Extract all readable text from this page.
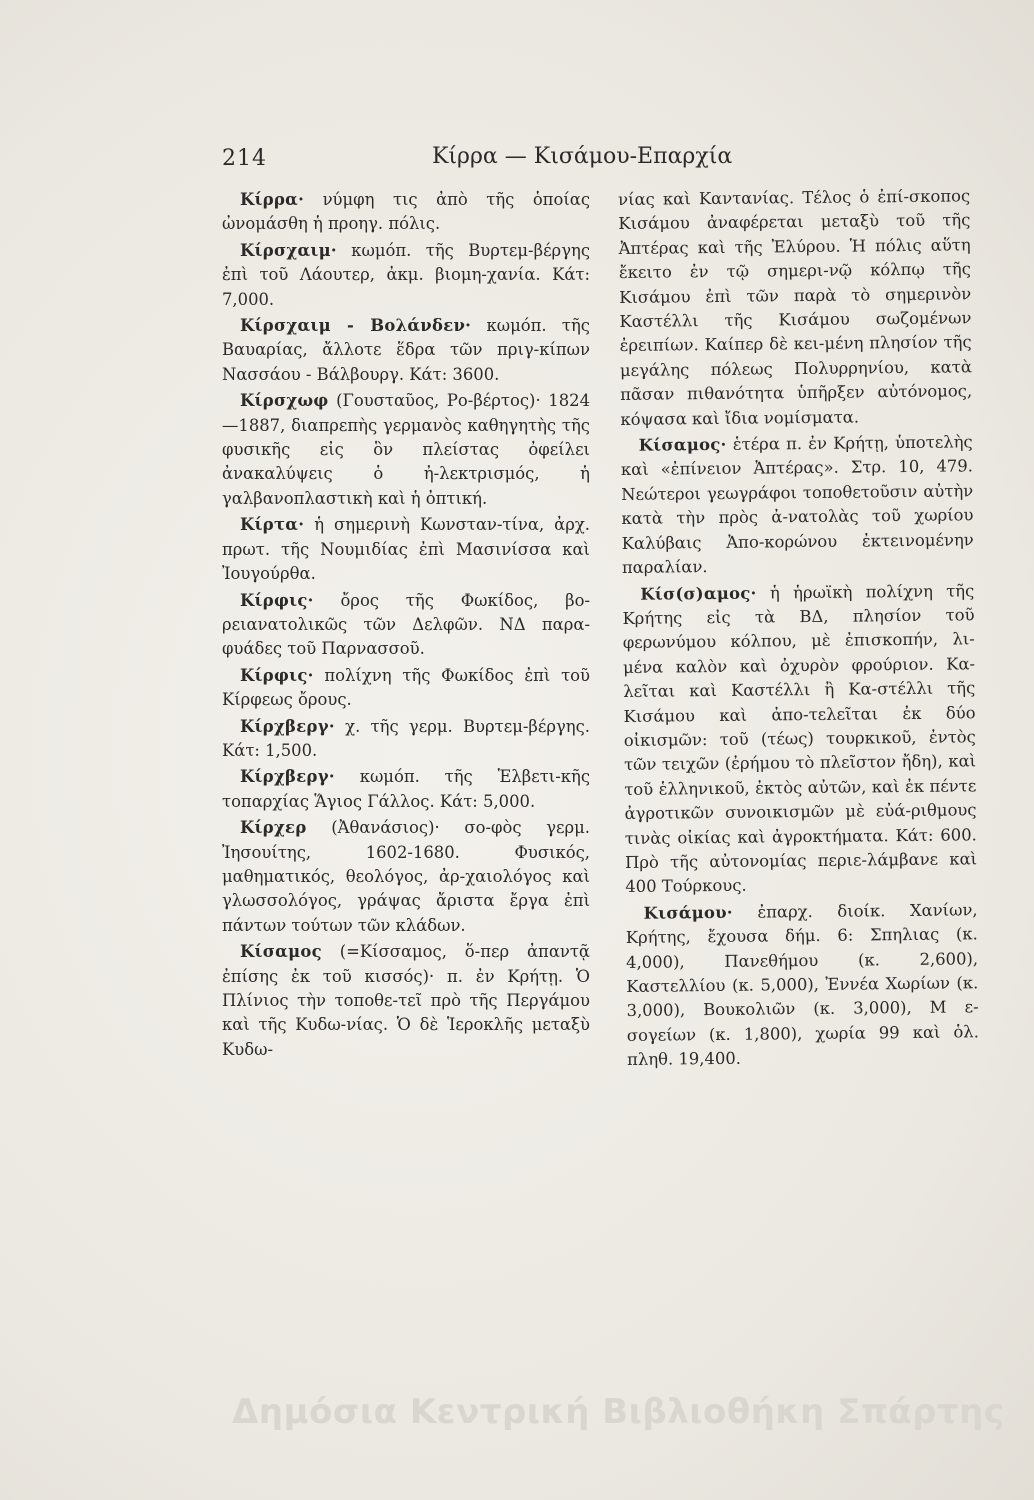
214	Κίρρα — Κισάμου-Επαρχία

Κίρρα· νύμφη τις ἀπὸ τῆς ὁποίας ὠνομάσθη ἡ προηγ. πόλις.

Κίρσχαιμ· κωμόπ. τῆς Βυρτεμ-βέργης ἐπὶ τοῦ Λάουτερ, ἀκμ. βιομη-χανία. Κάτ: 7,000.

Κίρσχαιμ - Βολάνδεν· κωμόπ. τῆς Βαυαρίας, ἄλλοτε ἕδρα τῶν πριγ-κίπων Νασσάου - Βάλβουργ. Κάτ: 3600.

Κίρσχωφ (Γουσταῦος, Ρο-βέρτος)· 1824—1887, διαπρεπὴς γερμανὸς καθηγητὴς τῆς φυσικῆς εἰς ὃν πλείστας ὀφείλει ἀνακαλύψεις ὁ ἠ-λεκτρισμός, ἡ γαλβανοπλαστικὴ καὶ ἡ ὀπτική.

Κίρτα· ἡ σημερινὴ Κωνσταν-τίνα, ἀρχ. πρωτ. τῆς Νουμιδίας ἐπὶ Μασινίσσα καὶ Ἰουγούρθα.

Κίρφις· ὄρος τῆς Φωκίδος, βο-ρειανατολικῶς τῶν Δελφῶν. ΝΔ παρα-φυάδες τοῦ Παρνασσοῦ.

Κίρφις· πολίχνη τῆς Φωκίδος ἐπὶ τοῦ Κίρφεως ὄρους.

Κίρχβεργ· χ. τῆς γερμ. Βυρτεμ-βέργης. Κάτ: 1,500.

Κίρχβεργ· κωμόπ. τῆς Ἑλβετι-κῆς τοπαρχίας Ἅγιος Γάλλος. Κάτ: 5,000.

Κίρχερ (Ἀθανάσιος)· σο-φὸς γερμ. Ἰησουίτης, 1602-1680. Φυσικός, μαθηματικός, θεολόγος, ἀρ-χαιολόγος καὶ γλωσσολόγος, γράψας ἄριστα ἔργα ἐπὶ πάντων τούτων τῶν κλάδων.

Κίσαμος (=Κίσσαμος, ὅ-περ ἀπαντᾷ ἐπίσης ἐκ τοῦ κισσός)· π. ἐν Κρήτῃ. Ὁ Πλίνιος τὴν τοποθε-τεῖ πρὸ τῆς Περγάμου καὶ τῆς Κυδω-νίας. Ὁ δὲ Ἱεροκλῆς μεταξὺ Κυδω-

νίας καὶ Καντανίας. Τέλος ὁ ἐπί-σκοπος Κισάμου ἀναφέρεται μεταξὺ τοῦ τῆς Ἀπτέρας καὶ τῆς Ἐλύρου. Ἡ πόλις αὕτη ἔκειτο ἐν τῷ σημερι-νῷ κόλπῳ τῆς Κισάμου ἐπὶ τῶν παρὰ τὸ σημερινὸν Καστέλλι τῆς Κισάμου σωζομένων ἐρειπίων. Καίπερ δὲ κει-μένη πλησίον τῆς μεγάλης πόλεως Πολυρρηνίου, κατὰ πᾶσαν πιθανότητα ὑπῆρξεν αὐτόνομος, κόψασα καὶ ἴδια νομίσματα.

Κίσαμος· ἑτέρα π. ἐν Κρήτῃ, ὑποτελὴς καὶ «ἐπίνειον Ἀπτέρας». Στρ. 10, 479. Νεώτεροι γεωγράφοι τοποθετοῦσιν αὐτὴν κατὰ τὴν πρὸς ἀ-νατολὰς τοῦ χωρίου Καλύβαις Ἀπο-κορώνου ἐκτεινομένην παραλίαν.

Κίσ(σ)αμος· ἡ ἡρωϊκὴ πολίχνη τῆς Κρήτης εἰς τὰ ΒΔ, πλησίον τοῦ φερωνύμου κόλπου, μὲ ἐπισκοπήν, λι-μένα καλὸν καὶ ὀχυρὸν φρούριον. Κα-λεῖται καὶ Καστέλλι ἢ Κα-στέλλι τῆς Κισάμου καὶ ἀπο-τελεῖται ἐκ δύο οἰκισμῶν: τοῦ (τέως) τουρκικοῦ, ἐντὸς τῶν τειχῶν (ἐρήμου τὸ πλεῖστον ἤδη), καὶ τοῦ ἑλληνικοῦ, ἐκτὸς αὐτῶν, καὶ ἐκ πέντε ἀγροτικῶν συνοικισμῶν μὲ εὐά-ριθμους τινὰς οἰκίας καὶ ἀγροκτήματα. Κάτ: 600. Πρὸ τῆς αὐτονομίας περιε-λάμβανε καὶ 400 Τούρκους.

Κισάμου· ἐπαρχ. διοίκ. Χανίων, Κρήτης, ἔχουσα δήμ. 6: Σπηλιας (κ. 4,000), Πανεθήμου (κ. 2,600), Καστελλίου (κ. 5,000), Ἐννέα Χωρίων (κ. 3,000), Βουκολιῶν (κ. 3,000), Μ ε-σογείων (κ. 1,800), χωρία 99 καὶ ὁλ. πληθ. 19,400.

Δημόσια Κεντρική Βιβλιοθήκη Σπάρτης
